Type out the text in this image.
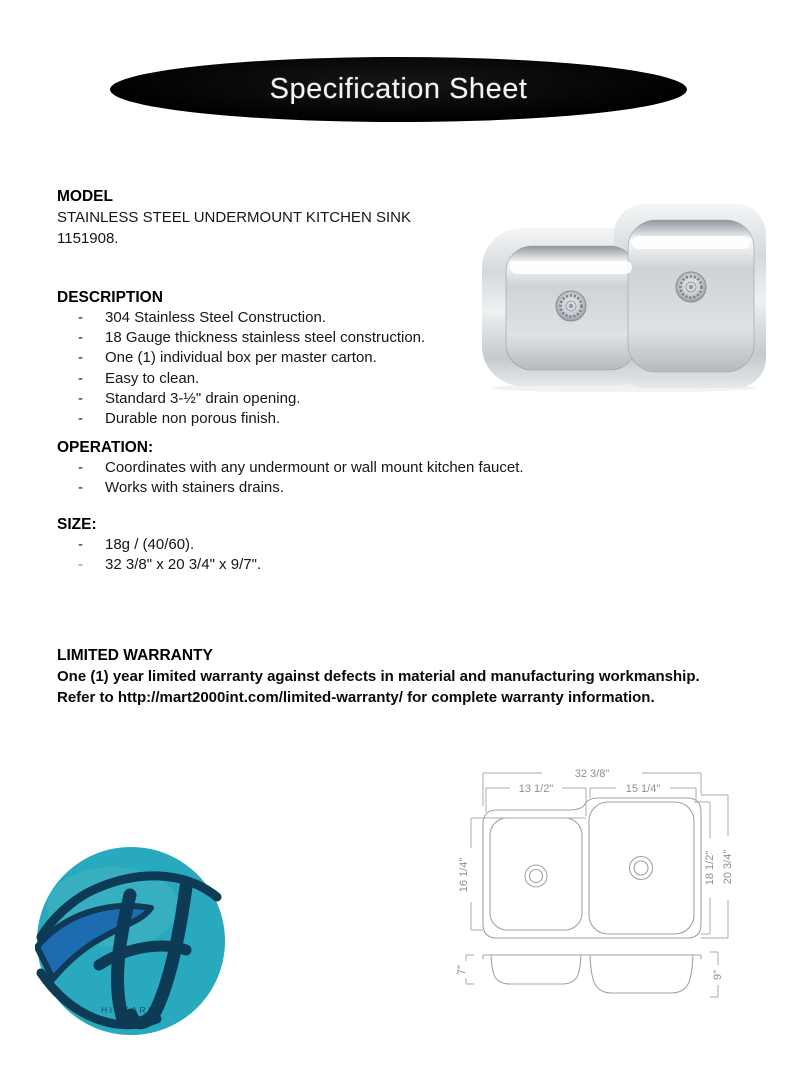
Specification Sheet
MODEL
STAINLESS STEEL UNDERMOUNT KITCHEN SINK
1151908.
DESCRIPTION
-	304 Stainless Steel Construction.
-	18 Gauge thickness stainless steel construction.
-	One (1) individual box per master carton.
-	Easy to clean.
-	Standard 3-½" drain opening.
-	Durable non porous finish.
OPERATION:
-	Coordinates with any undermount or wall mount kitchen faucet.
-	Works with stainers drains.
SIZE:
-	18g / (40/60).
-	32 3/8" x 20 3/4" x 9/7".
LIMITED WARRANTY
One (1) year limited warranty against defects in material and manufacturing workmanship.
Refer to http://mart2000int.com/limited-warranty/ for complete warranty information.
32 3/8"
13 1/2"	15 1/4"
16 1/4"	18 1/2" 20 3/4"
7"	9"
HICKARUS
